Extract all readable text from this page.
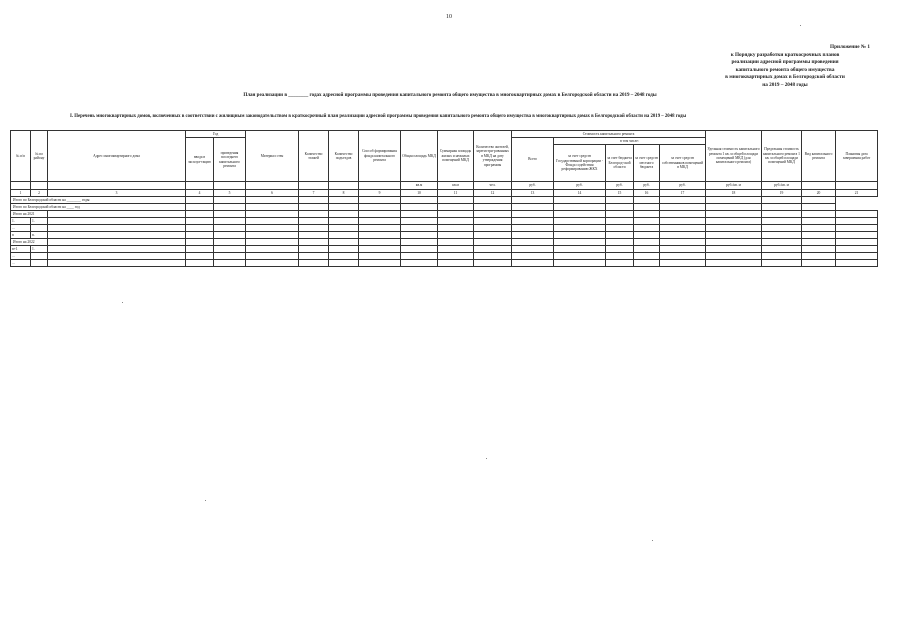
10
Приложение № 1
к Порядку разработки краткосрочных планов
реализации адресной программы проведения
капитального ремонта общего имущества
в многоквартирных домах в Белгородской области
на 2019 – 2048 годы
План реализации в ________ годах адресной программы проведения капитального ремонта общего имущества в многоквартирных домах в Белгородской области на 2019 – 2048 годы
I. Перечень многоквартирных домов, включенных в соответствии с жилищным законодательством в краткосрочный план реализации адресной программы проведения капитального ремонта общего имущества в многоквартирных домах в Белгородской области на 2019 – 2048 годы
№ п/п	№ по району	Адрес многоквартирного дома	Год		Материал стен	Количество этажей	Количество подъездов	Способ формирования фонда капитального ремонта	Общая площадь МКД	Суммарная площадь жилых и нежилых помещений МКД	Количество жителей, зарегистри-рованных в МКД на дату утверждения программы	Стоимость капитального ремонта					Удельная стоимость капитального ремонта 1 кв. м общей площади помещений МКД (для капитального ремонта)	Предельная стоимость капитального ремонта 1 кв. м общей площади помещений МКД	Вид капитального ремонта	Плановая дата завершения работ
			ввода в эксплуа-тацию	проведения последнего капитального ремонта								Всего	в том числе:							
													за счет средств Государственной корпорации - Фонда содействия реформированию ЖКХ	за счет бюджета Белгород-ской области	за счет средств местного бюджета	за счет средств собственников помещений в МКД				
									кв.м	кв.м	чел.	руб.	руб.	руб.	руб.	руб.	руб./кв. м	руб./кв. м		
1	2	3	4	5	6	7	8	9	10	11	12	13	14	15	16	17	18	19	20	21
Итого по Белгородской области на ________ годы:																				
Итого по Белгородской области на ____ год																				
Итого на 2021																				
1.	1.																			
...																				
n	n.																			
Итого на 2022																				
n+1	1.																			
...																				
...																				
